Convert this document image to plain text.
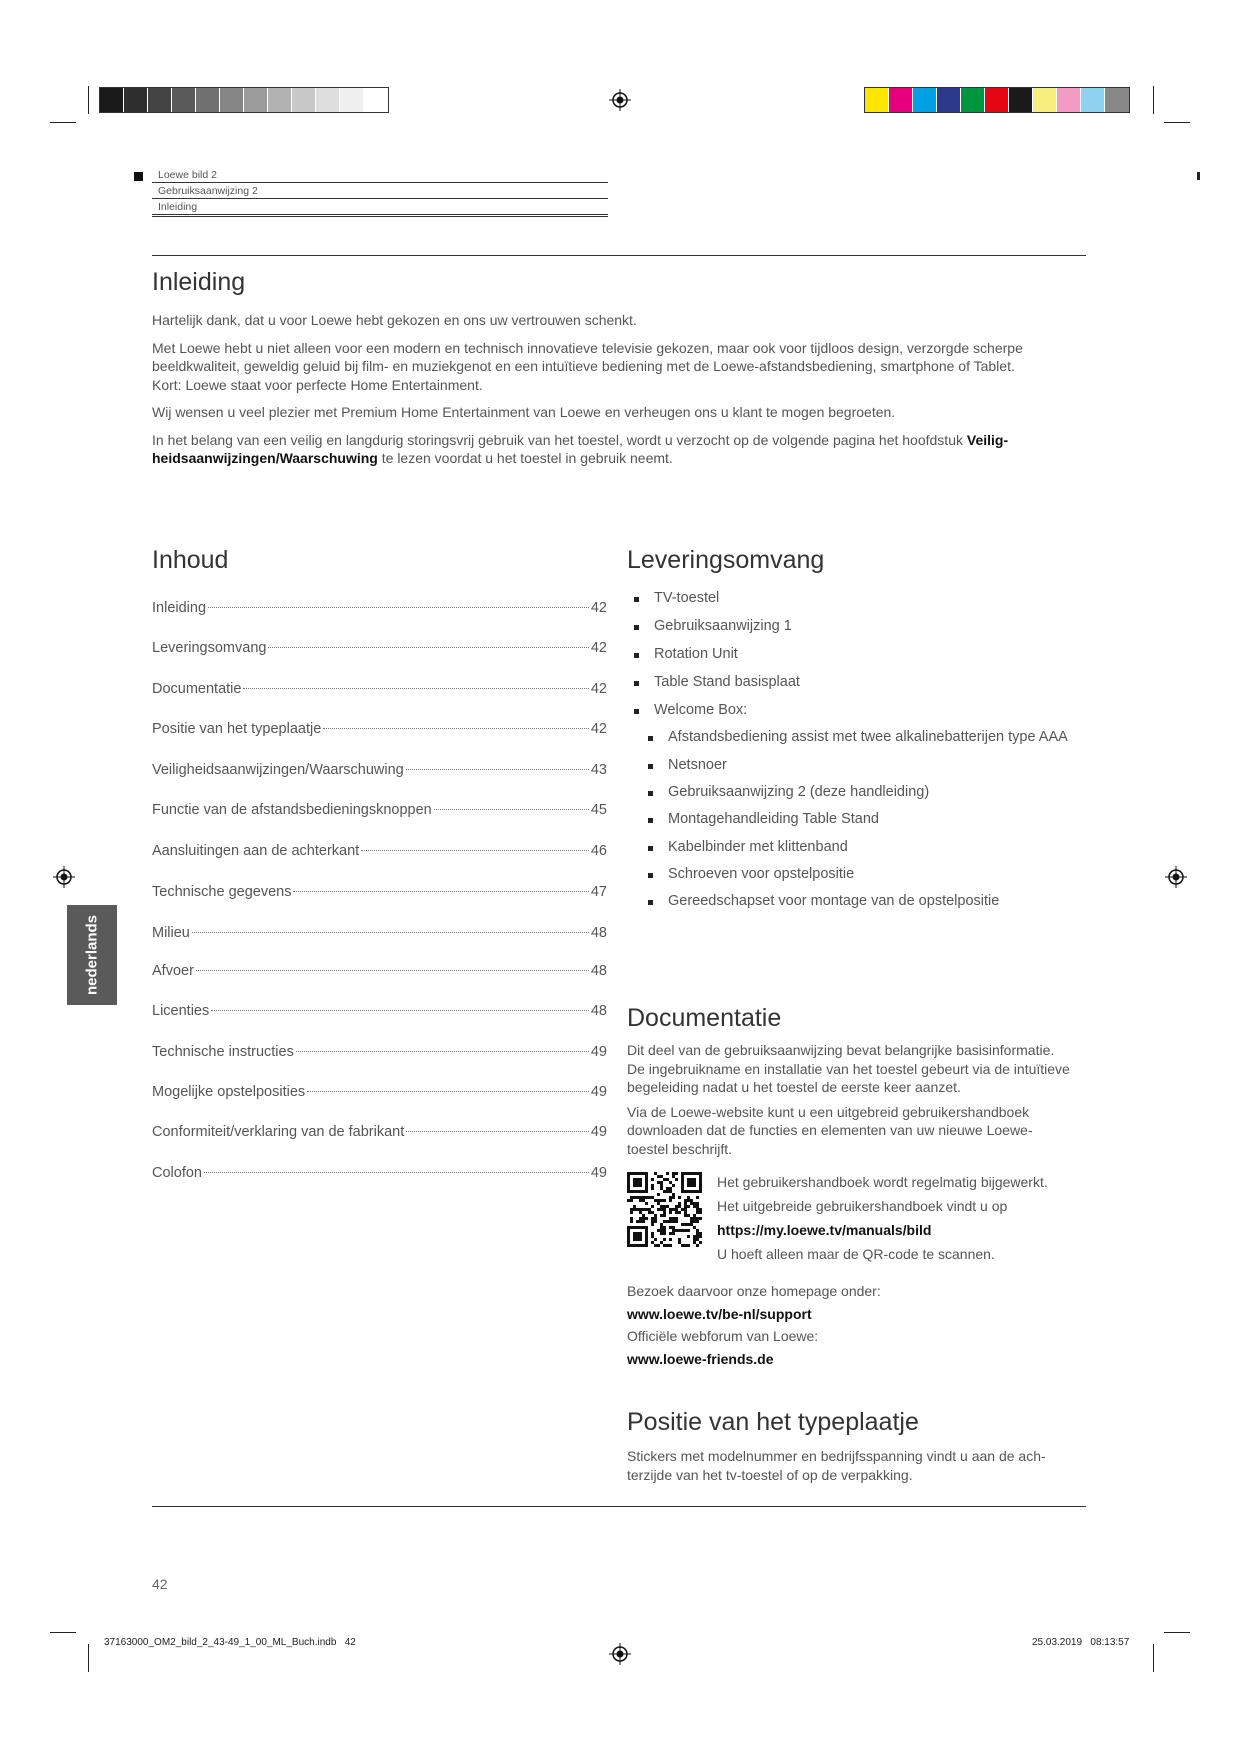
Loewe bild 2
Gebruiksaanwijzing 2
Inleiding
Inleiding
Hartelijk dank, dat u voor Loewe hebt gekozen en ons uw vertrouwen schenkt.
Met Loewe hebt u niet alleen voor een modern en technisch innovatieve televisie gekozen, maar ook voor tijdloos design, verzorgde scherpe
beeldkwaliteit, geweldig geluid bij film- en muziekgenot en een intuïtieve bediening met de Loewe-afstandsbediening, smartphone of Tablet.
Kort: Loewe staat voor perfecte Home Entertainment.
Wij wensen u veel plezier met Premium Home Entertainment van Loewe en verheugen ons u klant te mogen begroeten.
In het belang van een veilig en langdurig storingsvrij gebruik van het toestel, wordt u verzocht op de volgende pagina het hoofdstuk Veilig-
heidsaanwijzingen/Waarschuwing te lezen voordat u het toestel in gebruik neemt.
Inhoud
Inleiding	42
Leveringsomvang	42
Documentatie	42
Positie van het typeplaatje	42
Veiligheidsaanwijzingen/Waarschuwing	43
Functie van de afstandsbedieningsknoppen	45
Aansluitingen aan de achterkant	46
Technische gegevens	47
Milieu	48
Afvoer	48
Licenties	48
Technische instructies	49
Mogelijke opstelposities	49
Conformiteit/verklaring van de fabrikant	49
Colofon	49
Leveringsomvang
TV-toestel
Gebruiksaanwijzing 1
Rotation Unit
Table Stand basisplaat
Welcome Box:
Afstandsbediening assist met twee alkalinebatterijen type AAA
Netsnoer
Gebruiksaanwijzing 2 (deze handleiding)
Montagehandleiding Table Stand
Kabelbinder met klittenband
Schroeven voor opstelpositie
Gereedschapset voor montage van de opstelpositie
nederlands
Documentatie
Dit deel van de gebruiksaanwijzing bevat belangrijke basisinformatie.
De ingebruikname en installatie van het toestel gebeurt via de intuïtieve
begeleiding nadat u het toestel de eerste keer aanzet.
Via de Loewe-website kunt u een uitgebreid gebruikershandboek
downloaden dat de functies en elementen van uw nieuwe Loewe-
toestel beschrijft.
Het gebruikershandboek wordt regelmatig bijgewerkt.
Het uitgebreide gebruikershandboek vindt u op
https://my.loewe.tv/manuals/bild
U hoeft alleen maar de QR-code te scannen.
Bezoek daarvoor onze homepage onder:
www.loewe.tv/be-nl/support
Officiële webforum van Loewe:
www.loewe-friends.de
Positie van het typeplaatje
Stickers met modelnummer en bedrijfsspanning vindt u aan de ach-
terzijde van het tv-toestel of op de verpakking.
42
37163000_OM2_bild_2_43-49_1_00_ML_Buch.indb   42	25.03.2019   08:13:57
